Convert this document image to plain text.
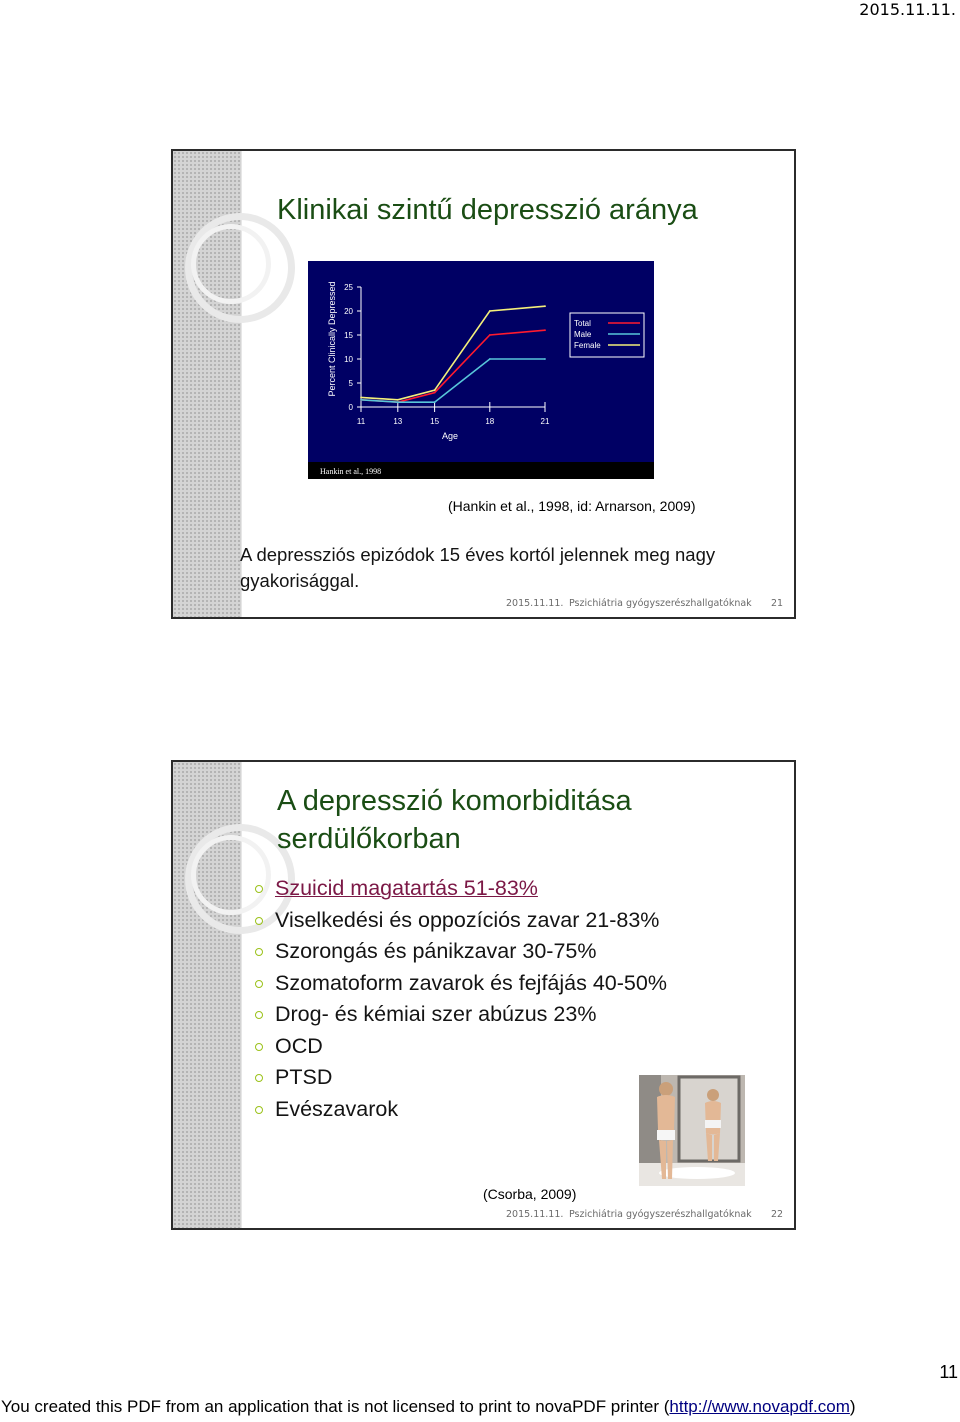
2015.11.11.
Klinikai szintű depresszió aránya
0
5
10
15
20
25
11	13	15	18	21
Total
Male
Female
Percent Clinically Depressed
Age
Hankin et al., 1998
(Hankin et al., 1998, id: Arnarson, 2009)
A depressziós epizódok 15 éves kortól jelennek meg nagy gyakorisággal.
2015.11.11. Pszichiátria gyógyszerészhallgatóknak 21
A depresszió komorbiditása
serdülőkorban
Szuicid magatartás 51-83%
Viselkedési és oppozíciós zavar 21-83%
Szorongás és pánikzavar 30-75%
Szomatoform zavarok és fejfájás 40-50%
Drog- és kémiai szer abúzus 23%
OCD
PTSD
Evészavarok
(Csorba, 2009)
2015.11.11. Pszichiátria gyógyszerészhallgatóknak 22
11
You created this PDF from an application that is not licensed to print to novaPDF printer (http://www.novapdf.com)
